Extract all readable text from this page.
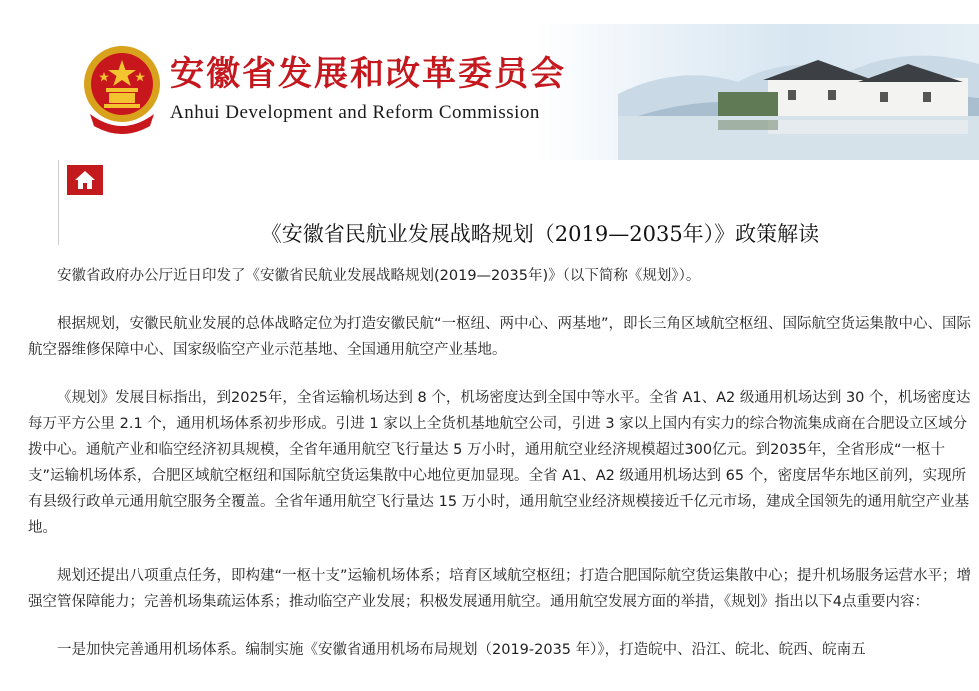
安徽省发展和改革委员会
Anhui Development and Reform Commission
《安徽省民航业发展战略规划（2019—2035年）》政策解读

安徽省政府办公厅近日印发了《安徽省民航业发展战略规划(2019—2035年)》（以下简称《规划》）。

根据规划，安徽民航业发展的总体战略定位为打造安徽民航“一枢纽、两中心、两基地”，即长三角区域航空枢纽、国际航空货运集散中心、国际航空器维修保障中心、国家级临空产业示范基地、全国通用航空产业基地。

《规划》发展目标指出，到2025年，全省运输机场达到 8 个，机场密度达到全国中等水平。全省 A1、A2 级通用机场达到 30 个，机场密度达每万平方公里 2.1 个，通用机场体系初步形成。引进 1 家以上全货机基地航空公司，引进 3 家以上国内有实力的综合物流集成商在合肥设立区域分拨中心。通航产业和临空经济初具规模，全省年通用航空飞行量达 5 万小时，通用航空业经济规模超过300亿元。到2035年，全省形成“一枢十支”运输机场体系，合肥区域航空枢纽和国际航空货运集散中心地位更加显现。全省 A1、A2 级通用机场达到 65 个，密度居华东地区前列，实现所有县级行政单元通用航空服务全覆盖。全省年通用航空飞行量达 15 万小时，通用航空业经济规模接近千亿元市场，建成全国领先的通用航空产业基地。

规划还提出八项重点任务，即构建“一枢十支”运输机场体系；培育区域航空枢纽；打造合肥国际航空货运集散中心；提升机场服务运营水平；增强空管保障能力；完善机场集疏运体系；推动临空产业发展；积极发展通用航空。通用航空发展方面的举措，《规划》指出以下4点重要内容：

一是加快完善通用机场体系。编制实施《安徽省通用机场布局规划（2019-2035 年）》，打造皖中、沿江、皖北、皖西、皖南五
